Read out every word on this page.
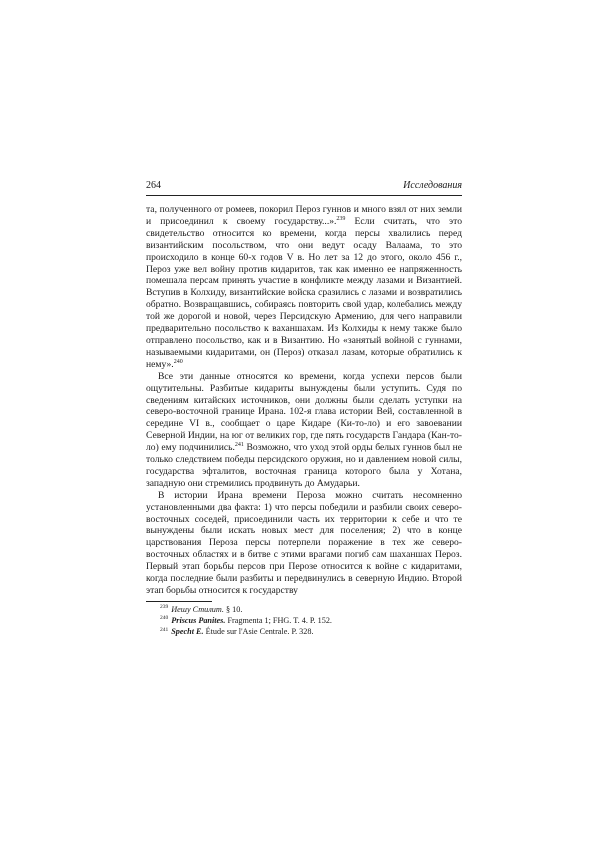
264	Исследования

та, полученного от ромеев, покорил Пероз гуннов и много взял от них земли и присоединил к своему государству...».$^{239}$ Если считать, что это свидетельство относится ко времени, когда персы хвалились перед византийским посольством, что они ведут осаду Валаама, то это происходило в конце 60-х годов V в. Но лет за 12 до этого, около 456 г., Пероз уже вел войну против кидаритов, так как именно ее напряженность помешала персам принять участие в конфликте между лазами и Византией. Вступив в Колхиду, византийские войска сразились с лазами и возвратились обратно. Возвращавшись, собираясь повторить свой удар, колебались между той же дорогой и новой, через Персидскую Армению, для чего направили предварительно посольство к ваханшахам. Из Колхиды к нему также было отправлено посольство, как и в Византию. Но «занятый войной с гуннами, называемыми кидаритами, он (Пероз) отказал лазам, которые обратились к нему».$^{240}$

Все эти данные относятся ко времени, когда успехи персов были ощутительны. Разбитые кидариты вынуждены были уступить. Судя по сведениям китайских источников, они должны были сделать уступки на северо-восточной границе Ирана. 102-я глава истории Вей, составленной в середине VI в., сообщает о царе Кидаре (Ки-то-ло) и его завоевании Северной Индии, на юг от великих гор, где пять государств Гандара (Кан-то-ло) ему подчинились.$^{241}$ Возможно, что уход этой орды белых гуннов был не только следствием победы персидского оружия, но и давлением новой силы, государства эфталитов, восточная граница которого была у Хотана, западную они стремились продвинуть до Амударьи.

В истории Ирана времени Пероза можно считать несомненно установленными два факта: 1) что персы победили и разбили своих северо-восточных соседей, присоединили часть их территории к себе и что те вынуждены были искать новых мест для поселения; 2) что в конце царствования Пероза персы потерпели поражение в тех же северо-восточных областях и в битве с этими врагами погиб сам шаханшах Пероз. Первый этап борьбы персов при Перозе относится к войне с кидаритами, когда последние были разбиты и передвинулись в северную Индию. Второй этап борьбы относится к государству

$^{239}$ Иешу Стилит. § 10.
$^{240}$ Priscus Panites. Fragmenta 1; FHG. T. 4. P. 152.
$^{241}$ Specht E. Étude sur l'Asie Centrale. P. 328.
